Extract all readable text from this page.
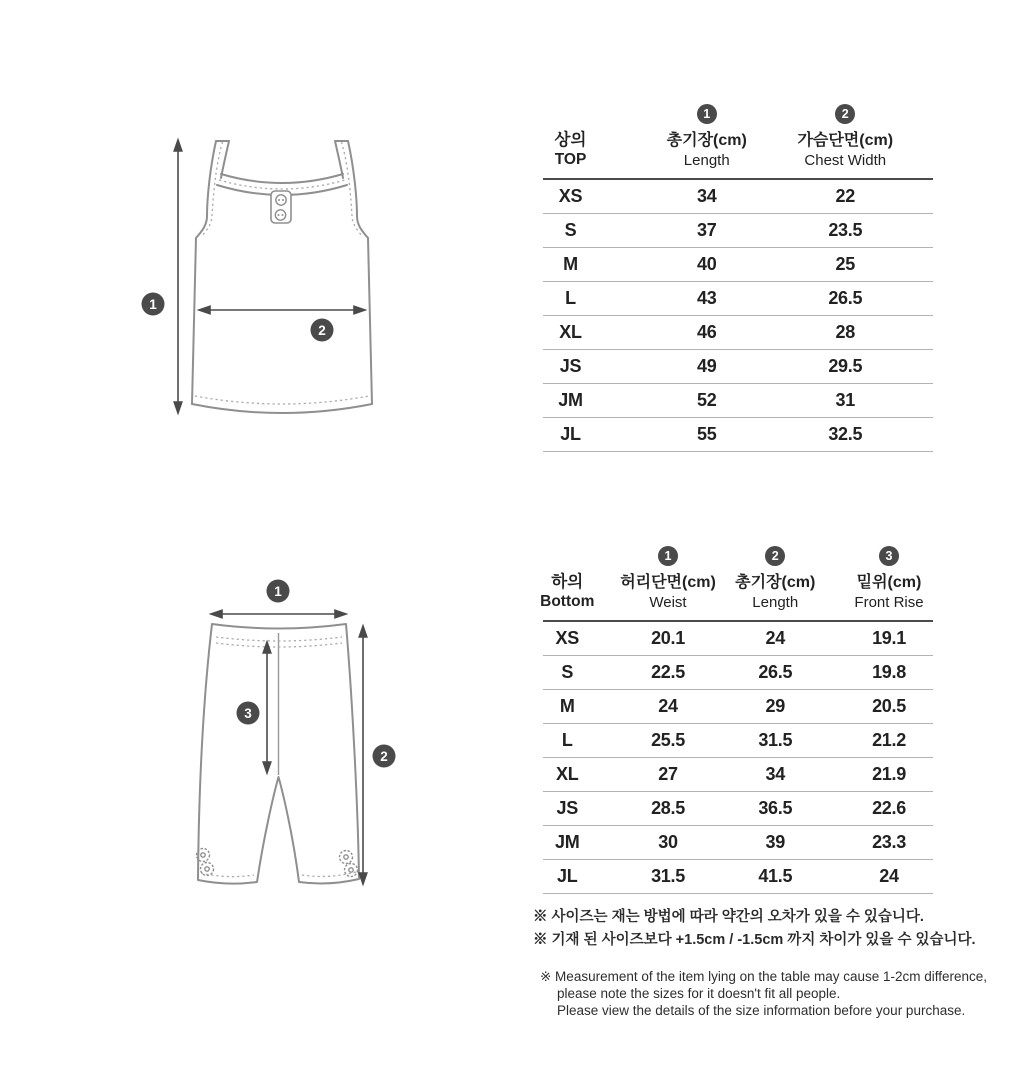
1
2
상의
TOP
1
총기장(cm)
Length
2
가슴단면(cm)
Chest Width
XS	34	22
S	37	23.5
M	40	25
L	43	26.5
XL	46	28
JS	49	29.5
JM	52	31
JL	55	32.5
1
3
2
하의
Bottom
1
허리단면(cm)
Weist
2
총기장(cm)
Length
3
밑위(cm)
Front Rise
XS	20.1	24	19.1
S	22.5	26.5	19.8
M	24	29	20.5
L	25.5	31.5	21.2
XL	27	34	21.9
JS	28.5	36.5	22.6
JM	30	39	23.3
JL	31.5	41.5	24
※ 사이즈는 재는 방법에 따라 약간의 오차가 있을 수 있습니다.
※ 기재 된 사이즈보다 +1.5cm / -1.5cm 까지 차이가 있을 수 있습니다.
※ Measurement of the item lying on the table may cause 1-2cm difference,
please note the sizes for it doesn't fit all people.
Please view the details of the size information before your purchase.
